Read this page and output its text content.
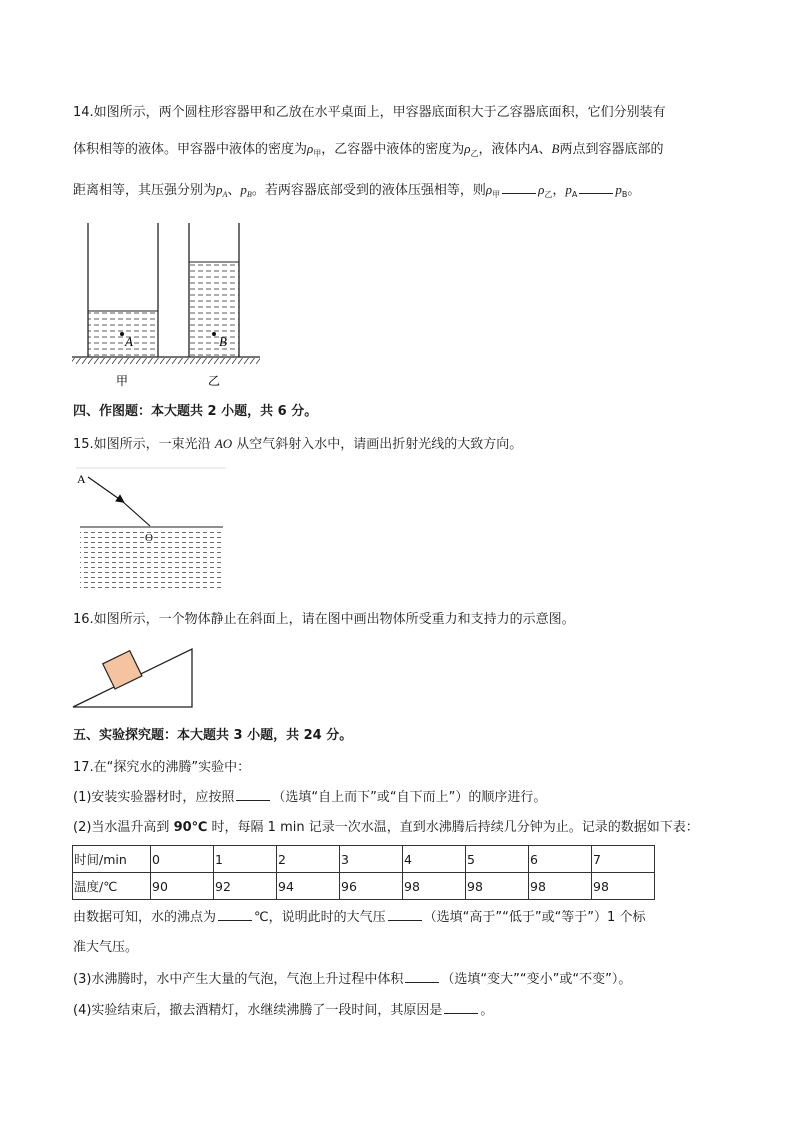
14.如图所示，两个圆柱形容器甲和乙放在水平桌面上，甲容器底面积大于乙容器底面积，它们分别装有
体积相等的液体。甲容器中液体的密度为$\rho_甲$，乙容器中液体的密度为$\rho_乙$，液体内A、B两点到容器底部的
距离相等，其压强分别为$p_A$、$p_B$。若两容器底部受到的液体压强相等，则$\rho_甲$	$\rho_乙$，$p_A$	$p_B$。
A	B
甲	乙
四、作图题：本大题共 2 小题，共 6 分。
15.如图所示，一束光沿 AO 从空气斜射入水中，请画出折射光线的大致方向。
A
O
16.如图所示，一个物体静止在斜面上，请在图中画出物体所受重力和支持力的示意图。
五、实验探究题：本大题共 3 小题，共 24 分。
17.在“探究水的沸腾”实验中：
(1)安装实验器材时，应按照	（选填“自上而下”或“自下而上”）的顺序进行。
(2)当水温升高到 90℃ 时，每隔 1 min 记录一次水温，直到水沸腾后持续几分钟为止。记录的数据如下表：
时间/min	0	1	2	3	4	5	6	7
温度/℃	90	92	94	96	98	98	98	98
由数据可知，水的沸点为	℃，说明此时的大气压	（选填“高于”“低于”或“等于”）1 个标
准大气压。
(3)水沸腾时，水中产生大量的气泡，气泡上升过程中体积	（选填“变大”“变小”或“不变”）。
(4)实验结束后，撤去酒精灯，水继续沸腾了一段时间，其原因是	。
